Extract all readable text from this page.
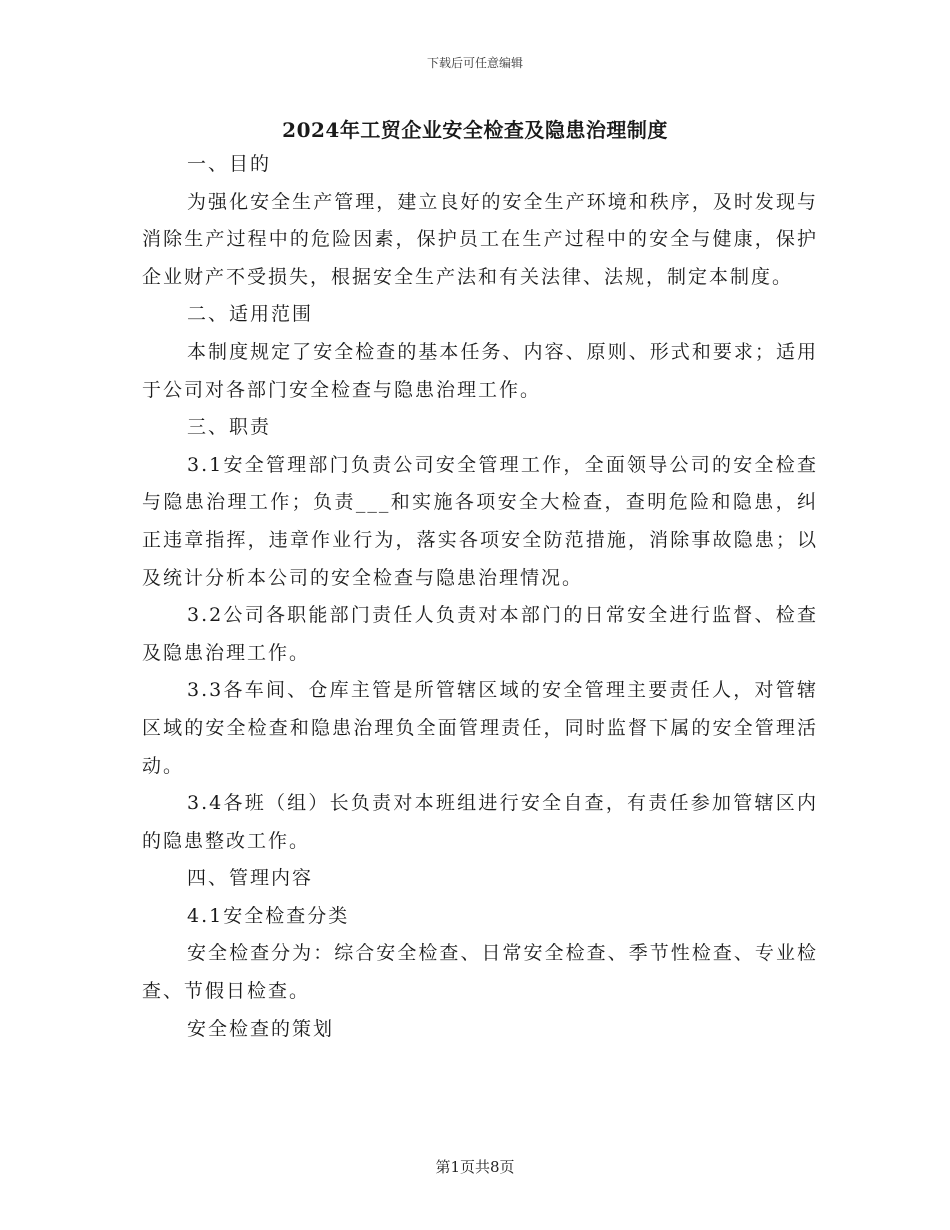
下载后可任意编辑
2024年工贸企业安全检查及隐患治理制度

一、目的

为强化安全生产管理，建立良好的安全生产环境和秩序，及时发现与消除生产过程中的危险因素，保护员工在生产过程中的安全与健康，保护企业财产不受损失，根据安全生产法和有关法律、法规，制定本制度。

二、适用范围

本制度规定了安全检查的基本任务、内容、原则、形式和要求；适用于公司对各部门安全检查与隐患治理工作。

三、职责

3.1安全管理部门负责公司安全管理工作，全面领导公司的安全检查与隐患治理工作；负责___和实施各项安全大检查，查明危险和隐患，纠正违章指挥，违章作业行为，落实各项安全防范措施，消除事故隐患；以及统计分析本公司的安全检查与隐患治理情况。

3.2公司各职能部门责任人负责对本部门的日常安全进行监督、检查及隐患治理工作。

3.3各车间、仓库主管是所管辖区域的安全管理主要责任人，对管辖区域的安全检查和隐患治理负全面管理责任，同时监督下属的安全管理活动。

3.4各班（组）长负责对本班组进行安全自查，有责任参加管辖区内的隐患整改工作。

四、管理内容

4.1安全检查分类

安全检查分为：综合安全检查、日常安全检查、季节性检查、专业检查、节假日检查。

安全检查的策划

第1页共8页
